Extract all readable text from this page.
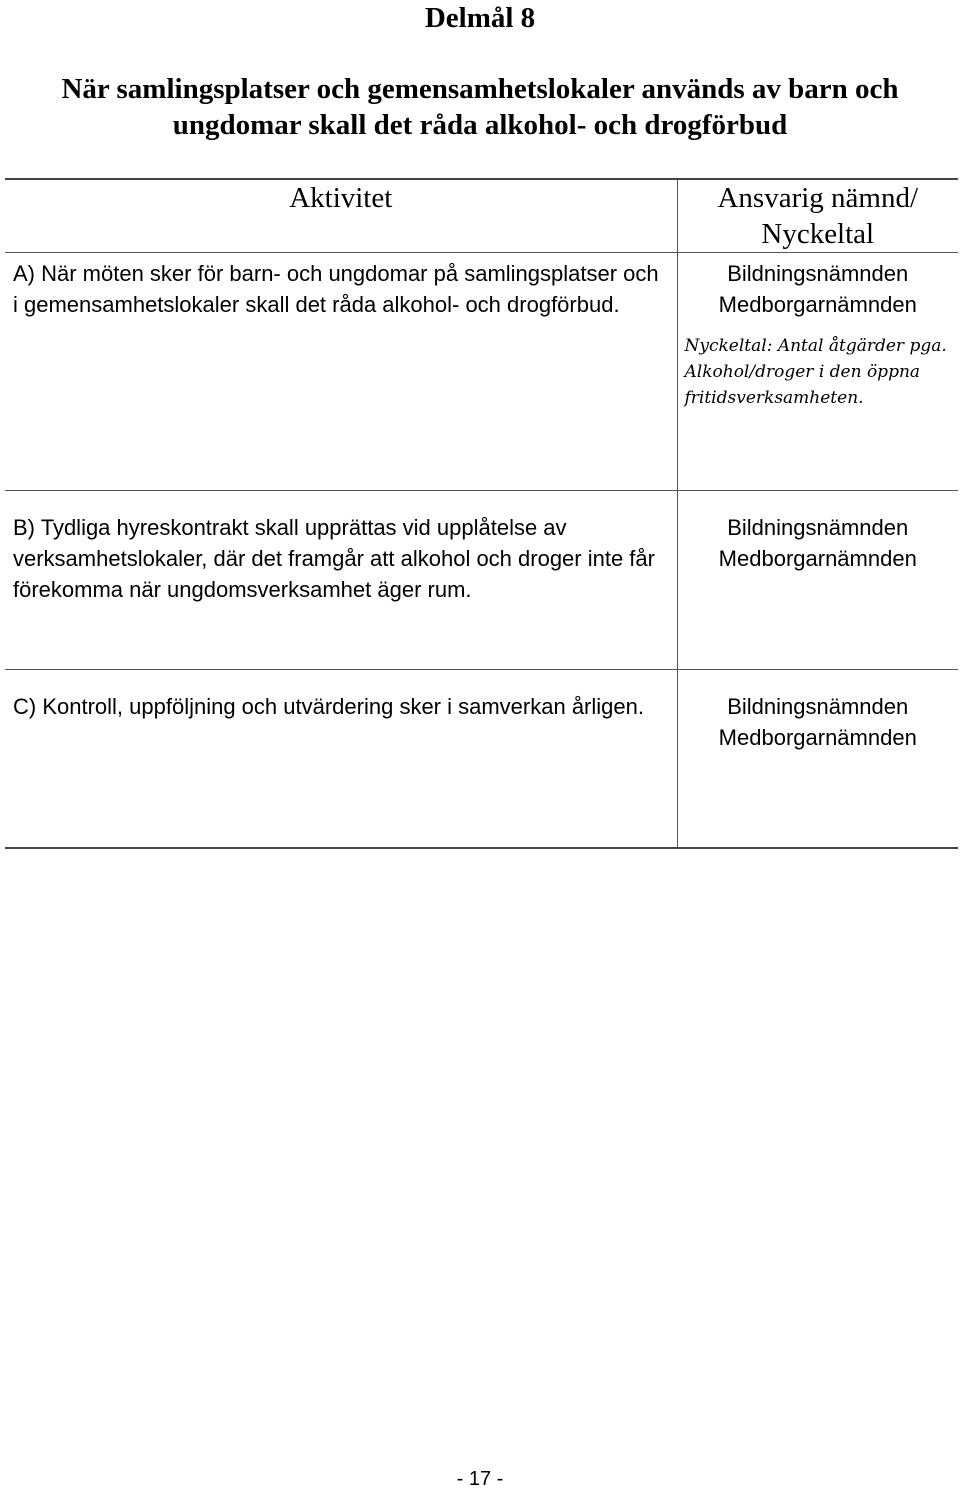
Delmål 8
När samlingsplatser och gemensamhetslokaler används av barn och
ungdomar skall det råda alkohol- och drogförbud
Aktivitet	Ansvarig nämnd/
Nyckeltal

A) När möten sker för barn- och ungdomar på samlingsplatser och i gemensamhetslokaler skall det råda alkohol- och drogförbud.	Bildningsnämnden
Medborgarnämnden

Nyckeltal: Antal åtgärder pga. Alkohol/droger i den öppna fritidsverksamheten.

B) Tydliga hyreskontrakt skall upprättas vid upplåtelse av verksamhetslokaler, där det framgår att alkohol och droger inte får förekomma när ungdomsverksamhet äger rum.	Bildningsnämnden
Medborgarnämnden

C) Kontroll, uppföljning och utvärdering sker i samverkan årligen.	Bildningsnämnden
Medborgarnämnden
- 17 -
